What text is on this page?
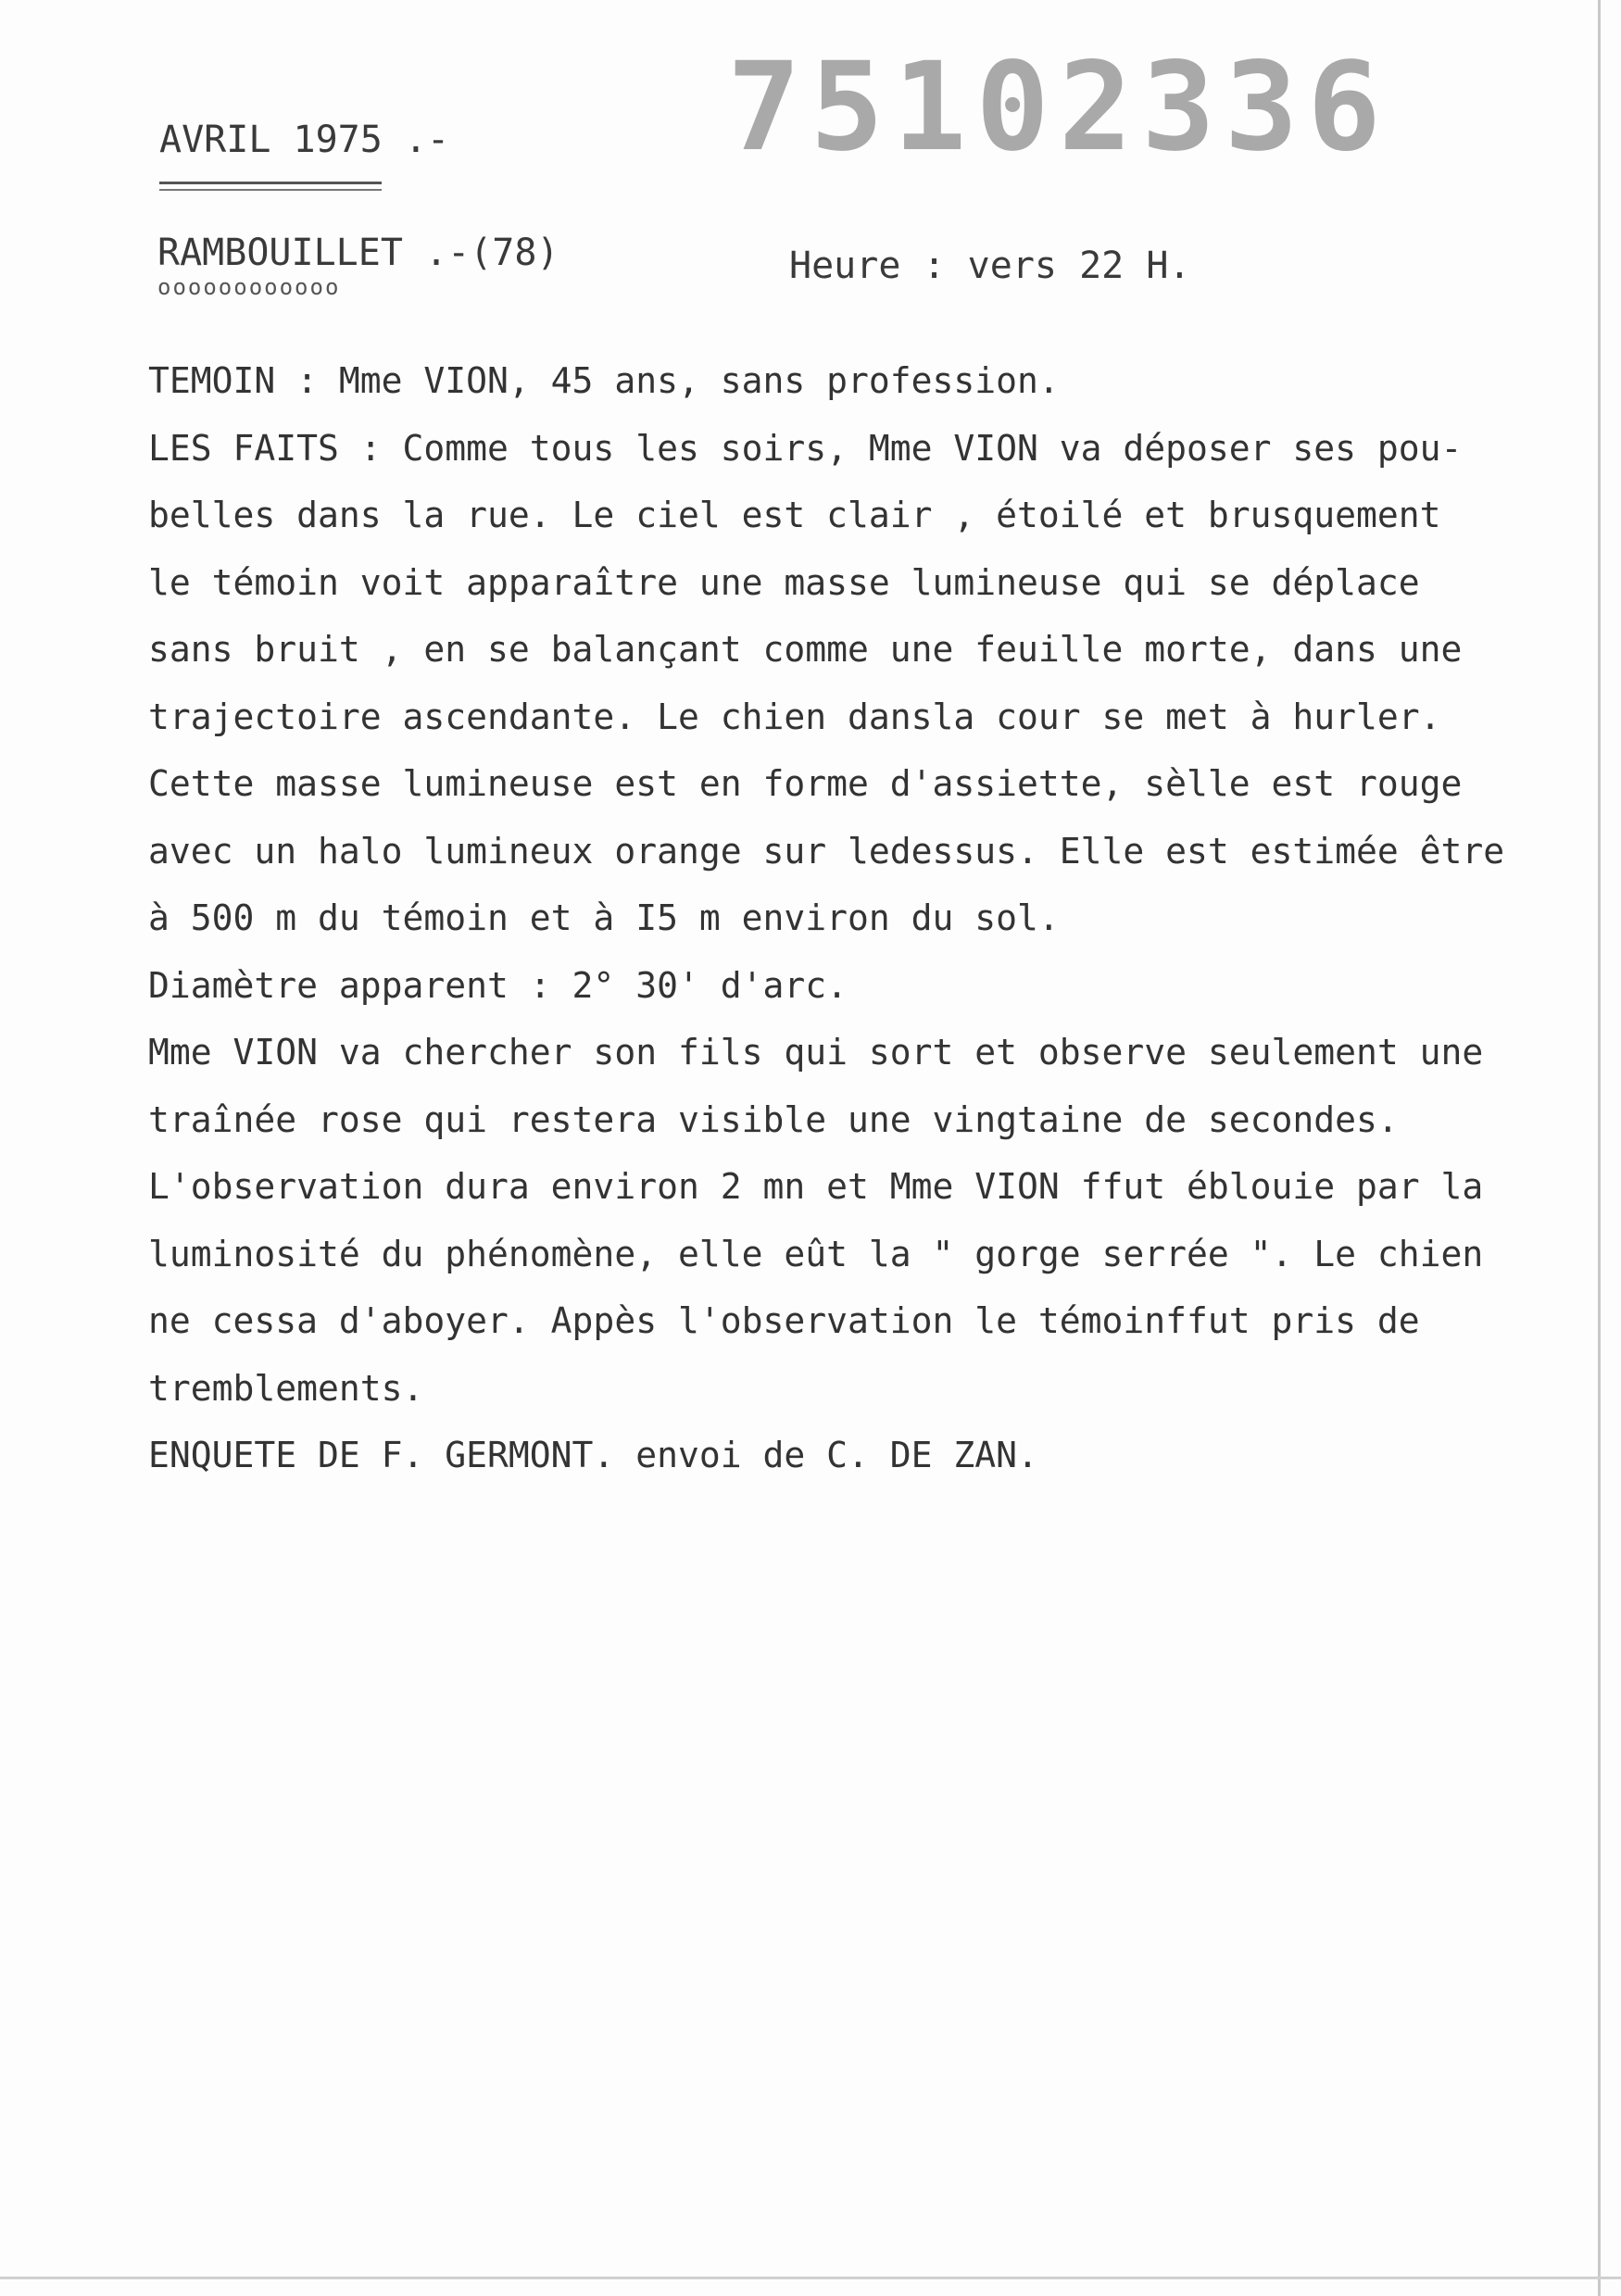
75102336
AVRIL 1975 .-
RAMBOUILLET .-(78)
oooooooooooo	Heure : vers 22 H.
TEMOIN : Mme VION, 45 ans, sans profession.
LES FAITS : Comme tous les soirs, Mme VION va déposer ses pou-
belles dans la rue. Le ciel est clair , étoilé et brusquement
le témoin voit apparaître une masse lumineuse qui se déplace
sans bruit , en se balançant comme une feuille morte, dans une
trajectoire ascendante. Le chien dansla cour se met à hurler.
Cette masse lumineuse est en forme d'assiette, sèlle est rouge
avec un halo lumineux orange sur ledessus. Elle est estimée être
à 500 m du témoin et à I5 m environ du sol.
Diamètre apparent : 2° 30' d'arc.
Mme VION va chercher son fils qui sort et observe seulement une
traînée rose qui restera visible une vingtaine de secondes.
L'observation dura environ 2 mn et Mme VION ffut éblouie par la
luminosité du phénomène, elle eût la " gorge serrée ". Le chien
ne cessa d'aboyer. Appès l'observation le témoinffut pris de
tremblements.
ENQUETE DE F. GERMONT. envoi de C. DE ZAN.
